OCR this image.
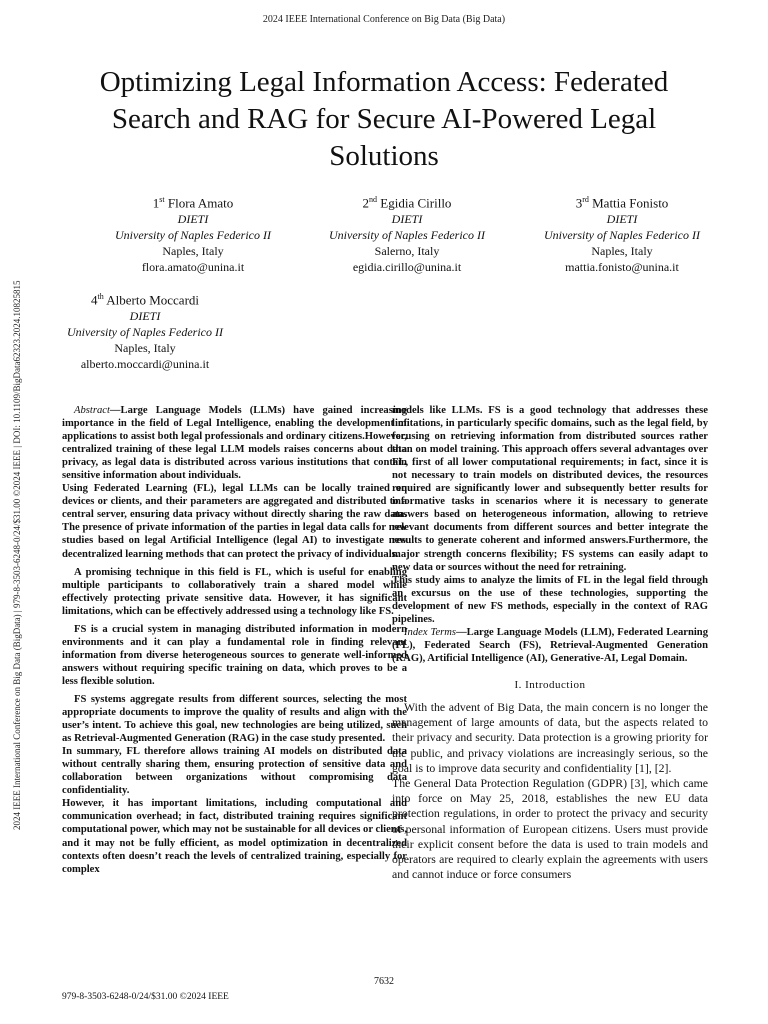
2024 IEEE International Conference on Big Data (Big Data)
2024 IEEE International Conference on Big Data (BigData) | 979-8-3503-6248-0/24/$31.00 ©2024 IEEE | DOI: 10.1109/BigData62323.2024.10825815
Optimizing Legal Information Access: Federated Search and RAG for Secure AI-Powered Legal Solutions
1st Flora Amato
DIETI
University of Naples Federico II
Naples, Italy
flora.amato@unina.it
2nd Egidia Cirillo
DIETI
University of Naples Federico II
Salerno, Italy
egidia.cirillo@unina.it
3rd Mattia Fonisto
DIETI
University of Naples Federico II
Naples, Italy
mattia.fonisto@unina.it
4th Alberto Moccardi
DIETI
University of Naples Federico II
Naples, Italy
alberto.moccardi@unina.it

Abstract—Large Language Models (LLMs) have gained increasing importance in the field of Legal Intelligence, enabling the development of applications to assist both legal professionals and ordinary citizens.However, centralized training of these legal LLM models raises concerns about data privacy, as legal data is distributed across various institutions that contain sensitive information about individuals.

Using Federated Learning (FL), legal LLMs can be locally trained on devices or clients, and their parameters are aggregated and distributed to a central server, ensuring data privacy without directly sharing the raw data. The presence of private information of the parties in legal data calls for new studies based on legal Artificial Intelligence (legal AI) to investigate new decentralized learning methods that can protect the privacy of individuals.

A promising technique in this field is FL, which is useful for enabling multiple participants to collaboratively train a shared model while effectively protecting private sensitive data. However, it has significant limitations, which can be effectively addressed using a technology like FS.

FS is a crucial system in managing distributed information in modern environments and it can play a fundamental role in finding relevant information from diverse heterogeneous sources to generate well-informed answers without requiring specific training on data, which proves to be a less flexible solution.

FS systems aggregate results from different sources, selecting the most appropriate documents to improve the quality of results and align with the user’s intent. To achieve this goal, new technologies are being utilized, such as Retrieval-Augmented Generation (RAG) in the case study presented.

In summary, FL therefore allows training AI models on distributed data without centrally sharing them, ensuring protection of sensitive data and collaboration between organizations without compromising data confidentiality.

However, it has important limitations, including computational and communication overhead; in fact, distributed training requires significant computational power, which may not be sustainable for all devices or clients, and it may not be fully efficient, as model optimization in decentralized contexts often doesn’t reach the levels of centralized training, especially for complex

models like LLMs. FS is a good technology that addresses these limitations, in particularly specific domains, such as the legal field, by focusing on retrieving information from distributed sources rather than on model training. This approach offers several advantages over FL, first of all lower computational requirements; in fact, since it is not necessary to train models on distributed devices, the resources required are significantly lower and subsequently better results for informative tasks in scenarios where it is necessary to generate answers based on heterogeneous information, allowing to retrieve relevant documents from different sources and better integrate the results to generate coherent and informed answers.Furthermore, the major strength concerns flexibility; FS systems can easily adapt to new data or sources without the need for retraining.

This study aims to analyze the limits of FL in the legal field through an excursus on the use of these technologies, supporting the development of new FS methods, especially in the context of RAG pipelines.

Index Terms—Large Language Models (LLM), Federated Learning (FL), Federated Search (FS), Retrieval-Augmented Generation (RAG), Artificial Intelligence (AI), Generative-AI, Legal Domain.

I. Introduction

With the advent of Big Data, the main concern is no longer the management of large amounts of data, but the aspects related to their privacy and security. Data protection is a growing priority for the public, and privacy violations are increasingly serious, so the goal is to improve data security and confidentiality [1], [2].

The General Data Protection Regulation (GDPR) [3], which came into force on May 25, 2018, establishes the new EU data protection regulations, in order to protect the privacy and security of personal information of European citizens. Users must provide their explicit consent before the data is used to train models and operators are required to clearly explain the agreements with users and cannot induce or force consumers

7632
979-8-3503-6248-0/24/$31.00 ©2024 IEEE
